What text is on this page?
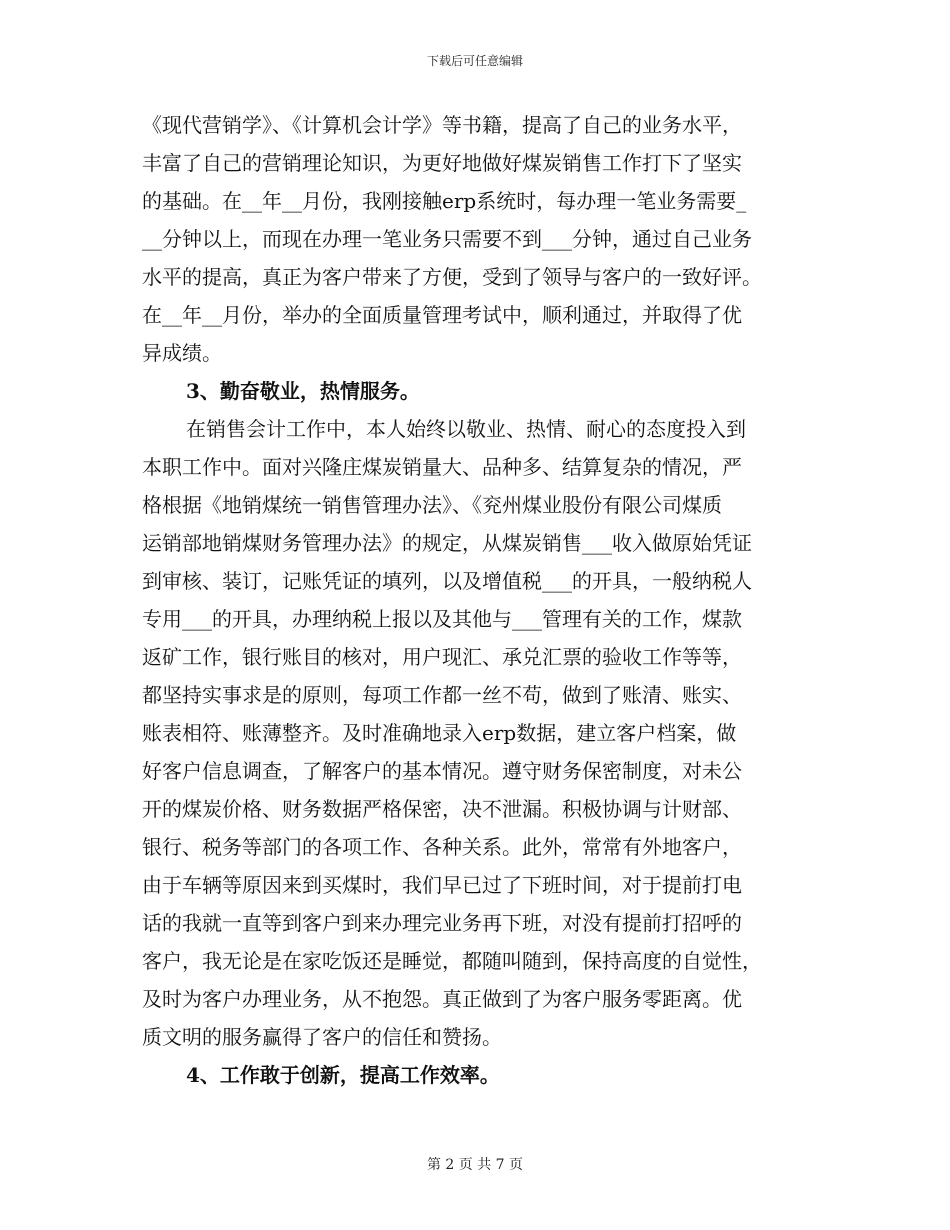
下载后可任意编辑
《现代营销学》、《计算机会计学》等书籍，提高了自己的业务水平，
丰富了自己的营销理论知识，为更好地做好煤炭销售工作打下了坚实
的基础。在__年__月份，我刚接触erp系统时，每办理一笔业务需要_
__分钟以上，而现在办理一笔业务只需要不到___分钟，通过自己业务
水平的提高，真正为客户带来了方便，受到了领导与客户的一致好评。
在__年__月份，举办的全面质量管理考试中，顺利通过，并取得了优
异成绩。
3、勤奋敬业，热情服务。
在销售会计工作中，本人始终以敬业、热情、耐心的态度投入到
本职工作中。面对兴隆庄煤炭销量大、品种多、结算复杂的情况，严
格根据《地销煤统一销售管理办法》、《兖州煤业股份有限公司煤质
运销部地销煤财务管理办法》的规定，从煤炭销售___收入做原始凭证
到审核、装订，记账凭证的填列，以及增值税___的开具，一般纳税人
专用___的开具，办理纳税上报以及其他与___管理有关的工作，煤款
返矿工作，银行账目的核对，用户现汇、承兑汇票的验收工作等等，
都坚持实事求是的原则，每项工作都一丝不苟，做到了账清、账实、
账表相符、账薄整齐。及时准确地录入erp数据，建立客户档案，做
好客户信息调查，了解客户的基本情况。遵守财务保密制度，对未公
开的煤炭价格、财务数据严格保密，决不泄漏。积极协调与计财部、
银行、税务等部门的各项工作、各种关系。此外，常常有外地客户，
由于车辆等原因来到买煤时，我们早已过了下班时间，对于提前打电
话的我就一直等到客户到来办理完业务再下班，对没有提前打招呼的
客户，我无论是在家吃饭还是睡觉，都随叫随到，保持高度的自觉性，
及时为客户办理业务，从不抱怨。真正做到了为客户服务零距离。优
质文明的服务赢得了客户的信任和赞扬。
4、工作敢于创新，提高工作效率。
第 2 页 共 7 页
